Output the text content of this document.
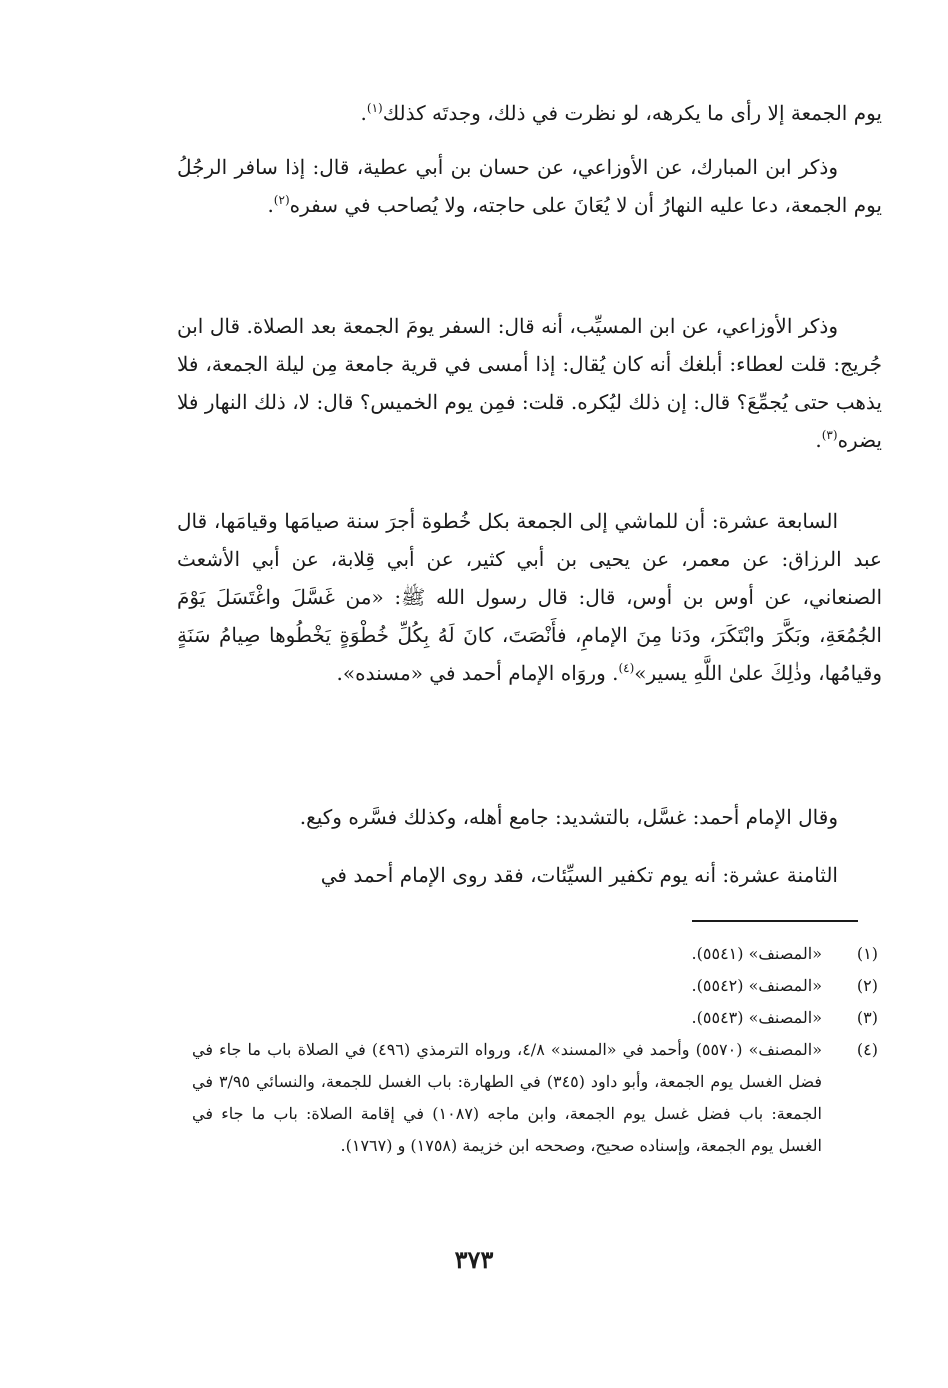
يوم الجمعة إلا رأى ما يكرهه، لو نظرت في ذلك، وجدتَه كذلك$^{(١)}$.

وذكر ابن المبارك، عن الأوزاعي، عن حسان بن أبي عطية، قال: إذا سافر الرجُلُ يوم الجمعة، دعا عليه النهارُ أن لا يُعَانَ على حاجته، ولا يُصاحب في سفره$^{(٢)}$.

وذكر الأوزاعي، عن ابن المسيِّب، أنه قال: السفر يومَ الجمعة بعد الصلاة. قال ابن جُريج: قلت لعطاء: أبلغك أنه كان يُقال: إذا أمسى في قرية جامعة مِن ليلة الجمعة، فلا يذهب حتى يُجمِّعَ؟ قال: إن ذلك ليُكره. قلت: فمِن يوم الخميس؟ قال: لا، ذلك النهار فلا يضره$^{(٣)}$.

السابعة عشرة: أن للماشي إلى الجمعة بكل خُطوة أجرَ سنة صيامَها وقيامَها، قال عبد الرزاق: عن معمر، عن يحيى بن أبي كثير، عن أبي قِلابة، عن أبي الأشعث الصنعاني، عن أوس بن أوس، قال: قال رسول الله ﷺ: «من غَسَّلَ واغْتَسَلَ يَوْمَ الجُمُعَةِ، وبَكَّرَ وابْتَكَرَ، ودَنا مِنَ الإمامِ، فأَنْصَتَ، كانَ لَهُ بِكُلِّ خُطْوَةٍ يَخْطُوها صِيامُ سَنَةٍ وقيامُها، وذٰلِكَ علىٰ اللَّهِ يسير»$^{(٤)}$. وروَاه الإمام أحمد في «مسنده».

وقال الإمام أحمد: غسَّل، بالتشديد: جامع أهله، وكذلك فسَّره وكيع.

الثامنة عشرة: أنه يوم تكفير السيِّئات، فقد روى الإمام أحمد في

(١)
«المصنف» (٥٥٤١).
(٢)
«المصنف» (٥٥٤٢).
(٣)
«المصنف» (٥٥٤٣).
(٤)
«المصنف» (٥٥٧٠) وأحمد في «المسند» ٤/٨، ورواه الترمذي (٤٩٦) في الصلاة باب ما جاء في فضل الغسل يوم الجمعة، وأبو داود (٣٤٥) في الطهارة: باب الغسل للجمعة، والنسائي ٣/٩٥ في الجمعة: باب فضل غسل يوم الجمعة، وابن ماجه (١٠٨٧) في إقامة الصلاة: باب ما جاء في الغسل يوم الجمعة، وإسناده صحيح، وصححه ابن خزيمة (١٧٥٨) و (١٧٦٧).
٣٧٣
